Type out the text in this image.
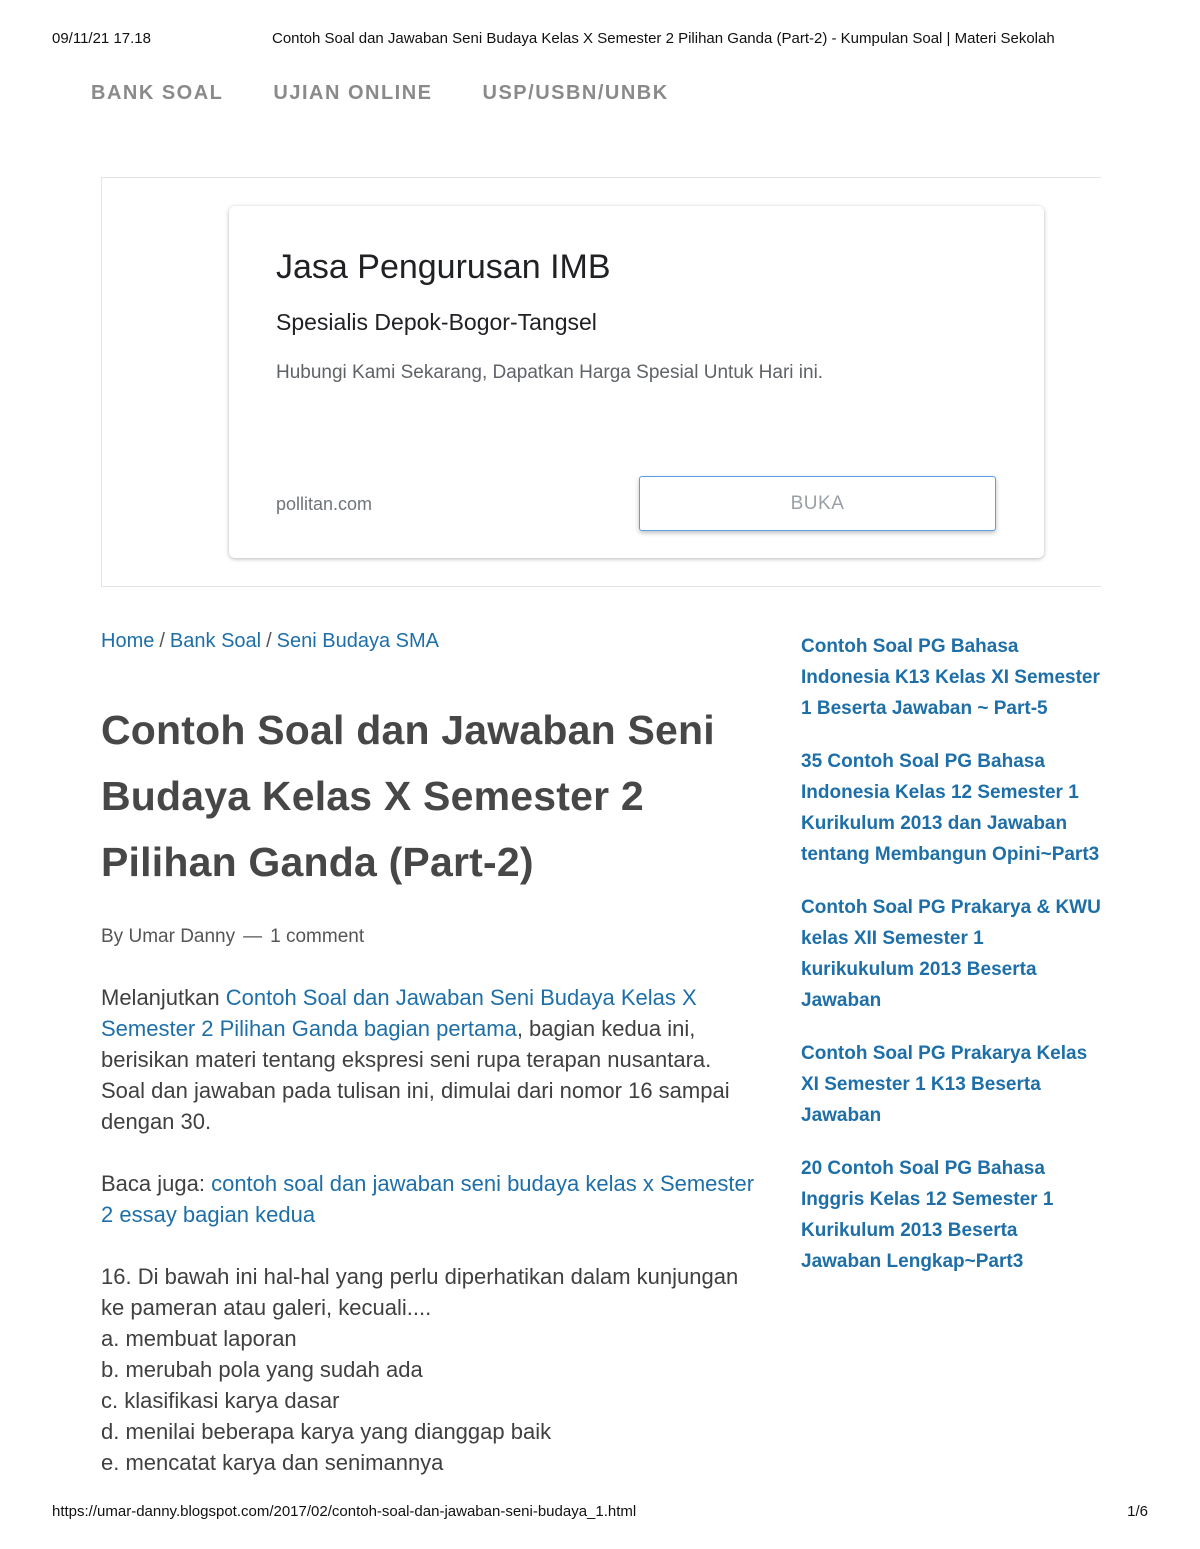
09/11/21 17.18	Contoh Soal dan Jawaban Seni Budaya Kelas X Semester 2 Pilihan Ganda (Part-2) - Kumpulan Soal | Materi Sekolah
BANK SOAL	UJIAN ONLINE	USP/USBN/UNBK
Jasa Pengurusan IMB
Spesialis Depok-Bogor-Tangsel
Hubungi Kami Sekarang, Dapatkan Harga Spesial Untuk Hari ini.
pollitan.com	BUKA
Home / Bank Soal / Seni Budaya SMA
Contoh Soal dan Jawaban Seni Budaya Kelas X Semester 2 Pilihan Ganda (Part-2)
By Umar Danny — 1 comment

Melanjutkan Contoh Soal dan Jawaban Seni Budaya Kelas X Semester 2 Pilihan Ganda bagian pertama, bagian kedua ini, berisikan materi tentang ekspresi seni rupa terapan nusantara. Soal dan jawaban pada tulisan ini, dimulai dari nomor 16 sampai dengan 30.

Baca juga: contoh soal dan jawaban seni budaya kelas x Semester 2 essay bagian kedua

16. Di bawah ini hal-hal yang perlu diperhatikan dalam kunjungan ke pameran atau galeri, kecuali....
a. membuat laporan
b. merubah pola yang sudah ada
c. klasifikasi karya dasar
d. menilai beberapa karya yang dianggap baik
e. mencatat karya dan senimannya
Contoh Soal PG Bahasa Indonesia K13 Kelas XI Semester 1 Beserta Jawaban ~ Part-5
35 Contoh Soal PG Bahasa Indonesia Kelas 12 Semester 1 Kurikulum 2013 dan Jawaban tentang Membangun Opini~Part3
Contoh Soal PG Prakarya & KWU kelas XII Semester 1 kurikukulum 2013 Beserta Jawaban
Contoh Soal PG Prakarya Kelas XI Semester 1 K13 Beserta Jawaban
20 Contoh Soal PG Bahasa Inggris Kelas 12 Semester 1 Kurikulum 2013 Beserta Jawaban Lengkap~Part3
https://umar-danny.blogspot.com/2017/02/contoh-soal-dan-jawaban-seni-budaya_1.html	1/6
